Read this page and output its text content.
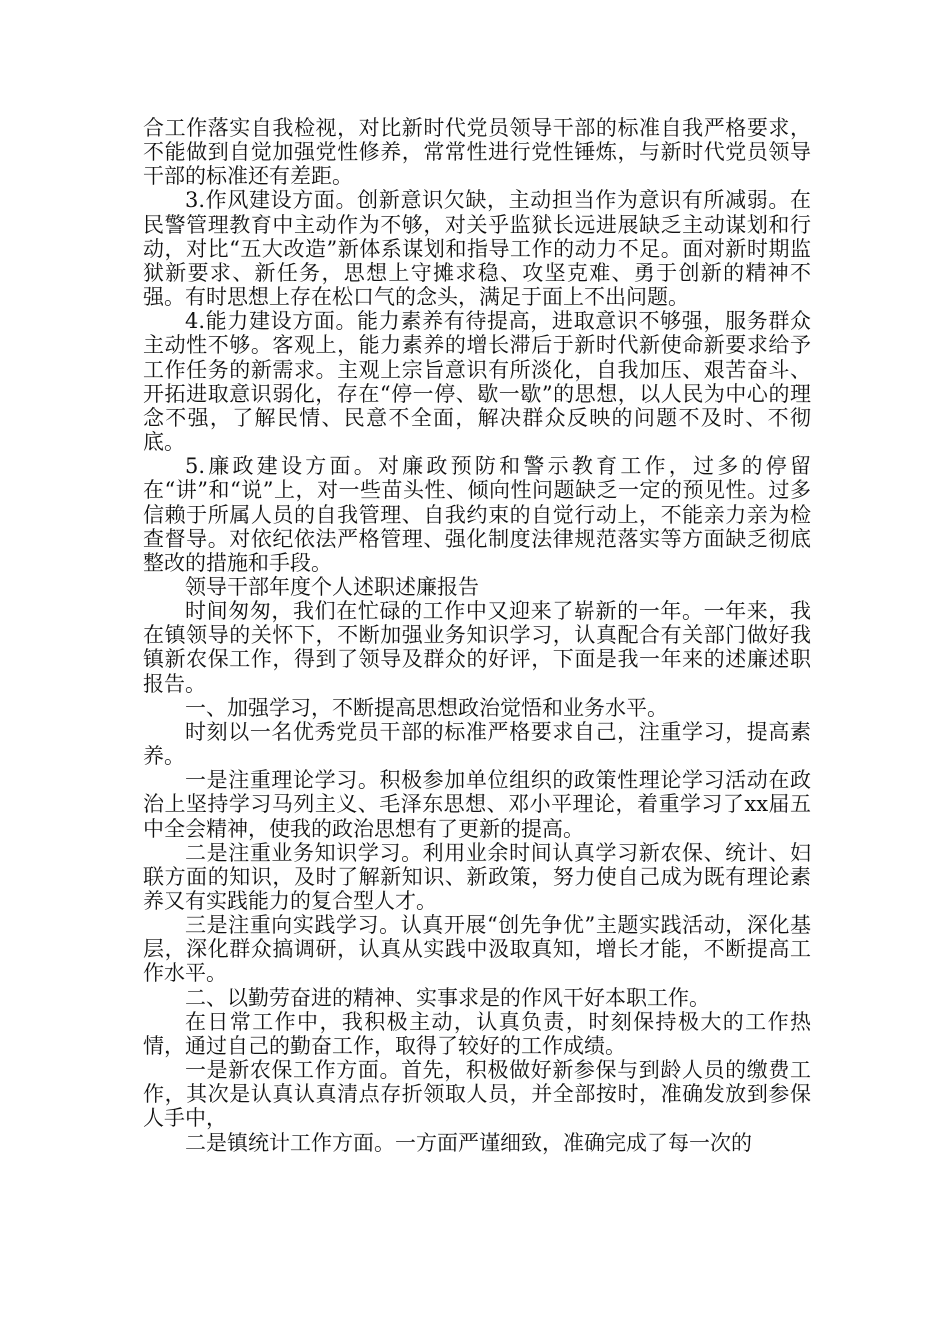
合工作落实自我检视，对比新时代党员领导干部的标准自我严格要求，不能做到自觉加强党性修养，常常性进行党性锤炼，与新时代党员领导干部的标准还有差距。

3.作风建设方面。创新意识欠缺，主动担当作为意识有所减弱。在民警管理教育中主动作为不够，对关乎监狱长远进展缺乏主动谋划和行动，对比“五大改造”新体系谋划和指导工作的动力不足。面对新时期监狱新要求、新任务，思想上守摊求稳、攻坚克难、勇于创新的精神不强。有时思想上存在松口气的念头，满足于面上不出问题。

4.能力建设方面。能力素养有待提高，进取意识不够强，服务群众主动性不够。客观上，能力素养的增长滞后于新时代新使命新要求给予工作任务的新需求。主观上宗旨意识有所淡化，自我加压、艰苦奋斗、开拓进取意识弱化，存在“停一停、歇一歇”的思想，以人民为中心的理念不强，了解民情、民意不全面，解决群众反映的问题不及时、不彻底。

5.廉政建设方面。对廉政预防和警示教育工作，过多的停留在“讲”和“说”上，对一些苗头性、倾向性问题缺乏一定的预见性。过多信赖于所属人员的自我管理、自我约束的自觉行动上，不能亲力亲为检查督导。对依纪依法严格管理、强化制度法律规范落实等方面缺乏彻底整改的措施和手段。

领导干部年度个人述职述廉报告

时间匆匆，我们在忙碌的工作中又迎来了崭新的一年。一年来，我在镇领导的关怀下，不断加强业务知识学习，认真配合有关部门做好我镇新农保工作，得到了领导及群众的好评，下面是我一年来的述廉述职报告。

一、加强学习，不断提高思想政治觉悟和业务水平。

时刻以一名优秀党员干部的标准严格要求自己，注重学习，提高素养。

一是注重理论学习。积极参加单位组织的政策性理论学习活动在政治上坚持学习马列主义、毛泽东思想、邓小平理论，着重学习了xx届五中全会精神，使我的政治思想有了更新的提高。

二是注重业务知识学习。利用业余时间认真学习新农保、统计、妇联方面的知识，及时了解新知识、新政策，努力使自己成为既有理论素养又有实践能力的复合型人才。

三是注重向实践学习。认真开展“创先争优”主题实践活动，深化基层，深化群众搞调研，认真从实践中汲取真知，增长才能，不断提高工作水平。

二、以勤劳奋进的精神、实事求是的作风干好本职工作。

在日常工作中，我积极主动，认真负责，时刻保持极大的工作热情，通过自己的勤奋工作，取得了较好的工作成绩。

一是新农保工作方面。首先，积极做好新参保与到龄人员的缴费工作，其次是认真认真清点存折领取人员，并全部按时，准确发放到参保人手中，

二是镇统计工作方面。一方面严谨细致，准确完成了每一次的
